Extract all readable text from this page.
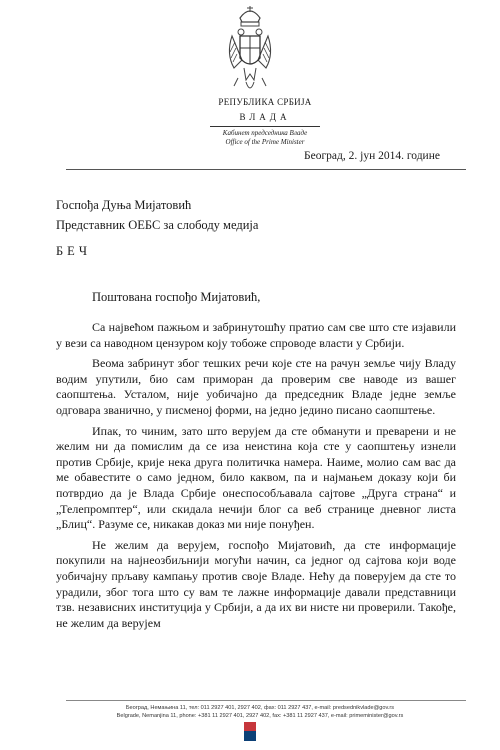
РЕПУБЛИКА СРБИЈА

ВЛАДА

Кабинет председника Владе

Office of the Prime Minister

Београд, 2. јун 2014. године
Госпођа Дуња Мијатовић
Представник ОЕБС за слободу медија
БЕЧ
Поштована госпођо Мијатовић,

Са највећом пажњом и забринутошћу пратио сам све што сте изјавили у вези са наводном цензуром коју тобоже спроводе власти у Србији.

Веома забринут због тешких речи које сте на рачун земље чију Владу водим упутили, био сам приморан да проверим све наводе из вашег саопштења. Усталом, није уобичајно да председник Владе једне земље одговара званично, у писменој форми, на једно једино писано саопштење.

Ипак, то чиним, зато што верујем да сте обманути и преварени и не желим ни да помислим да се иза неистина која сте у саопштењу изнели против Србије, крије нека друга политичка намера. Наиме, молио сам вас да ме обавестите о само једном, било каквом, па и најмањем доказу који би потврдио да је Влада Србије онеспособљавала сајтове „Друга страна“ и „Телепромптер“, или скидала нечији блог са веб странице дневног листа „Блиц“. Разуме се, никакав доказ ми није понуђен.

Не желим да верујем, госпођо Мијатовић, да сте информације покупили на најнеозбиљнији могући начин, са једног од сајтова који воде уобичајну прљаву кампању против своје Владе. Нећу да поверујем да сте то урадили, због тога што су вам те лажне информације давали представници тзв. независних институција у Србији, а да их ви нисте ни проверили. Такође, не желим да верујем

Београд, Немањина 11, тел: 011 2927 401, 2927 402, фах: 011 2927 437, e-mail: predsednikvlade@gov.rs
Belgrade, Nemanjina 11, phone: +381 11 2927 401, 2927 402, fax: +381 11 2927 437, e-mail: primeminister@gov.rs
